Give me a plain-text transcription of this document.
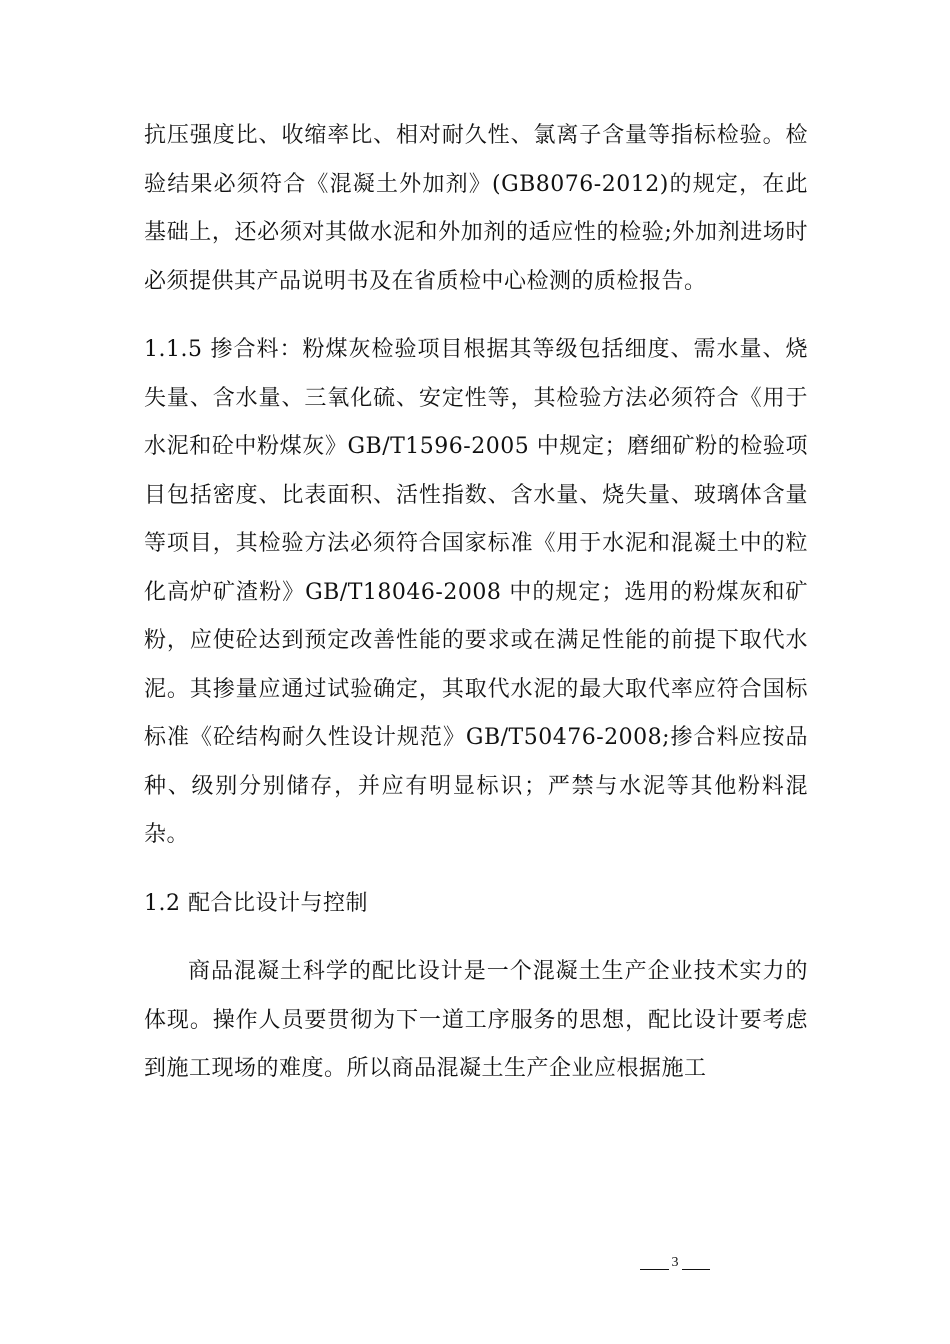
抗压强度比、收缩率比、相对耐久性、氯离子含量等指标检验。检验结果必须符合《混凝土外加剂》(GB8076-2012)的规定，在此基础上，还必须对其做水泥和外加剂的适应性的检验;外加剂进场时必须提供其产品说明书及在省质检中心检测的质检报告。

1.1.5 掺合料：粉煤灰检验项目根据其等级包括细度、需水量、烧失量、含水量、三氧化硫、安定性等，其检验方法必须符合《用于水泥和砼中粉煤灰》GB/T1596-2005 中规定；磨细矿粉的检验项目包括密度、比表面积、活性指数、含水量、烧失量、玻璃体含量等项目，其检验方法必须符合国家标准《用于水泥和混凝土中的粒化高炉矿渣粉》GB/T18046-2008 中的规定；选用的粉煤灰和矿粉，应使砼达到预定改善性能的要求或在满足性能的前提下取代水泥。其掺量应通过试验确定，其取代水泥的最大取代率应符合国标标准《砼结构耐久性设计规范》GB/T50476-2008;掺合料应按品种、级别分别储存，并应有明显标识；严禁与水泥等其他粉料混杂。

1.2 配合比设计与控制

商品混凝土科学的配比设计是一个混凝土生产企业技术实力的体现。操作人员要贯彻为下一道工序服务的思想，配比设计要考虑到施工现场的难度。所以商品混凝土生产企业应根据施工

3
